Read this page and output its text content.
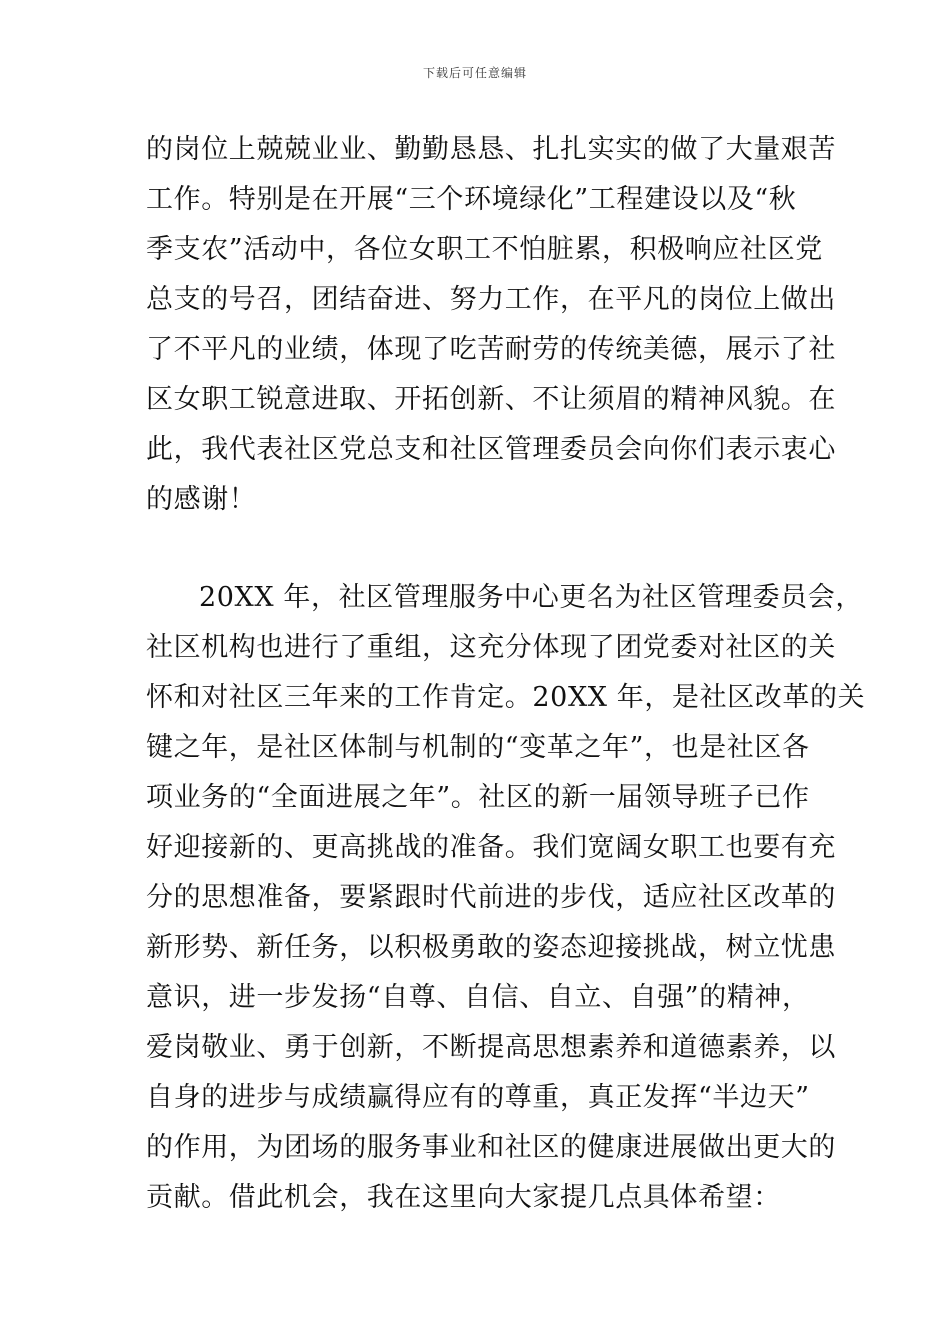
下载后可任意编辑
的岗位上兢兢业业、勤勤恳恳、扎扎实实的做了大量艰苦
工作。特别是在开展“三个环境绿化”工程建设以及“秋
季支农”活动中，各位女职工不怕脏累，积极响应社区党
总支的号召，团结奋进、努力工作，在平凡的岗位上做出
了不平凡的业绩，体现了吃苦耐劳的传统美德，展示了社
区女职工锐意进取、开拓创新、不让须眉的精神风貌。在
此，我代表社区党总支和社区管理委员会向你们表示衷心
的感谢！
20XX 年，社区管理服务中心更名为社区管理委员会，
社区机构也进行了重组，这充分体现了团党委对社区的关
怀和对社区三年来的工作肯定。20XX 年，是社区改革的关
键之年，是社区体制与机制的“变革之年”，也是社区各
项业务的“全面进展之年”。社区的新一届领导班子已作
好迎接新的、更高挑战的准备。我们宽阔女职工也要有充
分的思想准备，要紧跟时代前进的步伐，适应社区改革的
新形势、新任务，以积极勇敢的姿态迎接挑战，树立忧患
意识，进一步发扬“自尊、自信、自立、自强”的精神，
爱岗敬业、勇于创新，不断提高思想素养和道德素养，以
自身的进步与成绩赢得应有的尊重，真正发挥“半边天”
的作用，为团场的服务事业和社区的健康进展做出更大的
贡献。借此机会，我在这里向大家提几点具体希望：
